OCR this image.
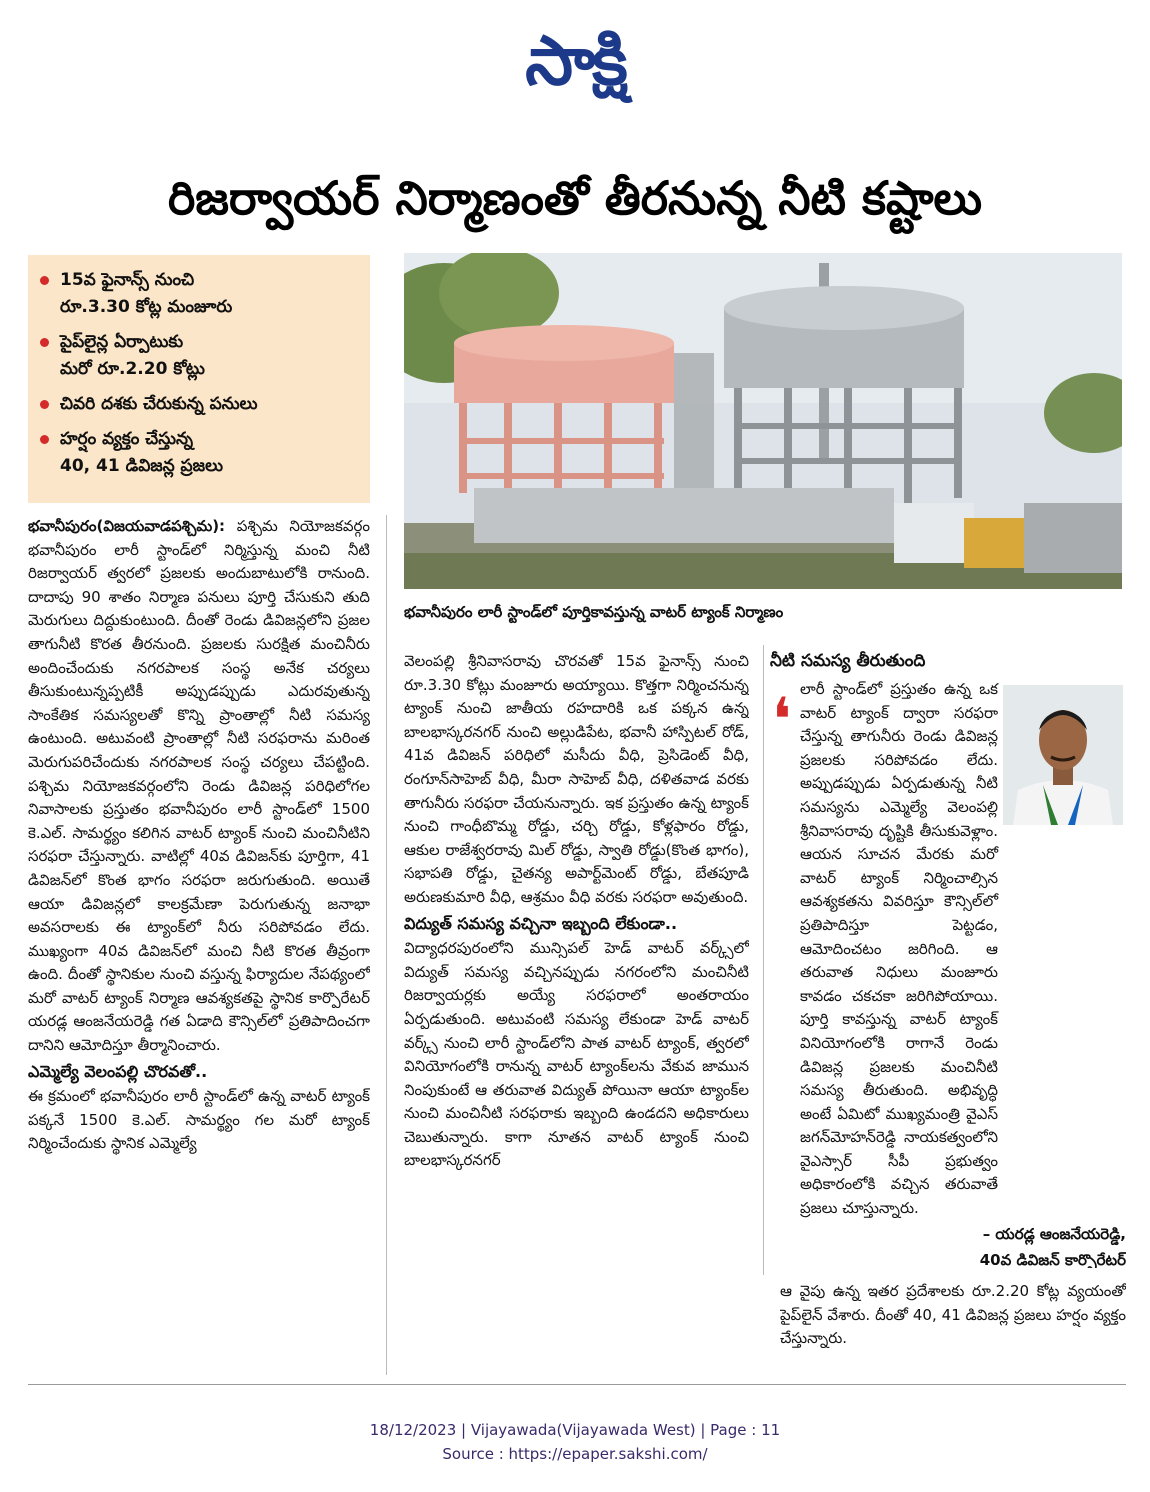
సాక్షి
రిజర్వాయర్ నిర్మాణంతో తీరనున్న నీటి కష్టాలు
15వ ఫైనాన్స్ నుంచి
రూ.3.30 కోట్ల మంజూరు
పైప్‌లైన్ల ఏర్పాటుకు
మరో రూ.2.20 కోట్లు
చివరి దశకు చేరుకున్న పనులు
హర్షం వ్యక్తం చేస్తున్న
40, 41 డివిజన్ల ప్రజలు
భవానీపురం లారీ స్టాండ్‌లో పూర్తికావస్తున్న వాటర్ ట్యాంక్ నిర్మాణం

భవానీపురం(విజయవాడపశ్చిమ): పశ్చిమ నియోజకవర్గం భవానీపురం లారీ స్టాండ్‌లో నిర్మిస్తున్న మంచి నీటి రిజర్వాయర్ త్వరలో ప్రజలకు అందుబాటులోకి రానుంది. దాదాపు 90 శాతం నిర్మాణ పనులు పూర్తి చేసుకుని తుది మెరుగులు దిద్దుకుంటుంది. దీంతో రెండు డివిజన్లలోని ప్రజల తాగునీటి కొరత తీరనుంది. ప్రజలకు సురక్షిత మంచినీరు అందించేందుకు నగరపాలక సంస్థ అనేక చర్యలు తీసుకుంటున్నప్పటికీ అప్పుడప్పుడు ఎదురవుతున్న సాంకేతిక సమస్యలతో కొన్ని ప్రాంతాల్లో నీటి సమస్య ఉంటుంది. అటువంటి ప్రాంతాల్లో నీటి సరఫరాను మరింత మెరుగుపరిచేందుకు నగరపాలక సంస్థ చర్యలు చేపట్టింది. పశ్చిమ నియోజకవర్గంలోని రెండు డివిజన్ల పరిధిలోగల నివాసాలకు ప్రస్తుతం భవానీపురం లారీ స్టాండ్‌లో 1500 కె.ఎల్. సామర్థ్యం కలిగిన వాటర్ ట్యాంక్ నుంచి మంచినీటిని సరఫరా చేస్తున్నారు. వాటిల్లో 40వ డివిజన్‌కు పూర్తిగా, 41 డివిజన్‌లో కొంత భాగం సరఫరా జరుగుతుంది. అయితే ఆయా డివిజన్లలో కాలక్రమేణా పెరుగుతున్న జనాభా అవసరాలకు ఈ ట్యాంక్‌లో నీరు సరిపోవడం లేదు. ముఖ్యంగా 40వ డివిజన్‌లో మంచి నీటి కొరత తీవ్రంగా ఉంది. దీంతో స్థానికుల నుంచి వస్తున్న ఫిర్యాదుల నేపథ్యంలో మరో వాటర్ ట్యాంక్ నిర్మాణ ఆవశ్యకతపై స్థానిక కార్పొరేటర్ యరడ్ల ఆంజనేయరెడ్డి గత ఏడాది కౌన్సిల్‌లో ప్రతిపాదించగా దానిని ఆమోదిస్తూ తీర్మానించారు.

ఎమ్మెల్యే వెలంపల్లి చొరవతో..

ఈ క్రమంలో భవానీపురం లారీ స్టాండ్‌లో ఉన్న వాటర్ ట్యాంక్ పక్కనే 1500 కె.ఎల్. సామర్థ్యం గల మరో ట్యాంక్ నిర్మించేందుకు స్థానిక ఎమ్మెల్యే

వెలంపల్లి శ్రీనివాసరావు చొరవతో 15వ ఫైనాన్స్ నుంచి రూ.3.30 కోట్లు మంజూరు అయ్యాయి. కొత్తగా నిర్మించనున్న ట్యాంక్ నుంచి జాతీయ రహదారికి ఒక పక్కన ఉన్న బాలభాస్కరనగర్ నుంచి అల్లుడిపేట, భవానీ హాస్పిటల్ రోడ్, 41వ డివిజన్ పరిధిలో మసీదు వీధి, ప్రెసిడెంట్ వీధి, రంగూన్‌సాహెబ్ వీధి, మీరా సాహెబ్ వీధి, దళితవాడ వరకు తాగునీరు సరఫరా చేయనున్నారు. ఇక ప్రస్తుతం ఉన్న ట్యాంక్ నుంచి గాంధీబొమ్మ రోడ్డు, చర్చి రోడ్డు, కోళ్లఫారం రోడ్డు, ఆకుల రాజేశ్వరరావు మిల్ రోడ్డు, స్వాతి రోడ్డు(కొంత భాగం), సభాపతి రోడ్డు, చైతన్య అపార్ట్‌మెంట్ రోడ్డు, బేతపూడి అరుణకుమారి వీధి, ఆశ్రమం వీధి వరకు సరఫరా అవుతుంది.

విద్యుత్ సమస్య వచ్చినా ఇబ్బంది లేకుండా..

విద్యాధరపురంలోని మున్సిపల్ హెడ్ వాటర్ వర్క్స్‌లో విద్యుత్ సమస్య వచ్చినప్పుడు నగరంలోని మంచినీటి రిజర్వాయర్లకు అయ్యే సరఫరాలో అంతరాయం ఏర్పడుతుంది. అటువంటి సమస్య లేకుండా హెడ్ వాటర్ వర్క్స్ నుంచి లారీ స్టాండ్‌లోని పాత వాటర్ ట్యాంక్, త్వరలో వినియోగంలోకి రానున్న వాటర్ ట్యాంక్‌లను వేకువ జామున నింపుకుంటే ఆ తరువాత విద్యుత్ పోయినా ఆయా ట్యాంక్‌ల నుంచి మంచినీటి సరఫరాకు ఇబ్బంది ఉండదని అధికారులు చెబుతున్నారు. కాగా నూతన వాటర్ ట్యాంక్ నుంచి బాలభాస్కరనగర్

❛
నీటి సమస్య తీరుతుంది

లారీ స్టాండ్‌లో ప్రస్తుతం ఉన్న ఒక వాటర్ ట్యాంక్ ద్వారా సరఫరా చేస్తున్న తాగునీరు రెండు డివిజన్ల ప్రజలకు సరిపోవడం లేదు. అప్పుడప్పుడు ఏర్పడుతున్న నీటి సమస్యను ఎమ్మెల్యే వెలంపల్లి శ్రీనివాసరావు దృష్టికి తీసుకువెళ్లాం. ఆయన సూచన మేరకు మరో వాటర్ ట్యాంక్ నిర్మించాల్సిన ఆవశ్యకతను వివరిస్తూ కౌన్సిల్‌లో ప్రతిపాదిస్తూ పెట్టడం, ఆమోదించటం జరిగింది. ఆ తరువాత నిధులు మంజూరు కావడం చకచకా జరిగిపోయాయి. పూర్తి కావస్తున్న వాటర్ ట్యాంక్ వినియోగంలోకి రాగానే రెండు డివిజన్ల ప్రజలకు మంచినీటి సమస్య తీరుతుంది. అభివృద్ధి అంటే ఏమిటో ముఖ్యమంత్రి వైఎస్ జగన్‌మోహన్‌రెడ్డి నాయకత్వంలోని వైఎస్సార్ సీపీ ప్రభుత్వం అధికారంలోకి వచ్చిన తరువాతే ప్రజలు చూస్తున్నారు.

– యరడ్ల ఆంజనేయరెడ్డి,
40వ డివిజన్ కార్పొరేటర్

ఆ వైపు ఉన్న ఇతర ప్రదేశాలకు రూ.2.20 కోట్ల వ్యయంతో పైప్‌లైన్ వేశారు. దీంతో 40, 41 డివిజన్ల ప్రజలు హర్షం వ్యక్తం చేస్తున్నారు.

18/12/2023 | Vijayawada(Vijayawada West) | Page : 11
Source : https://epaper.sakshi.com/
